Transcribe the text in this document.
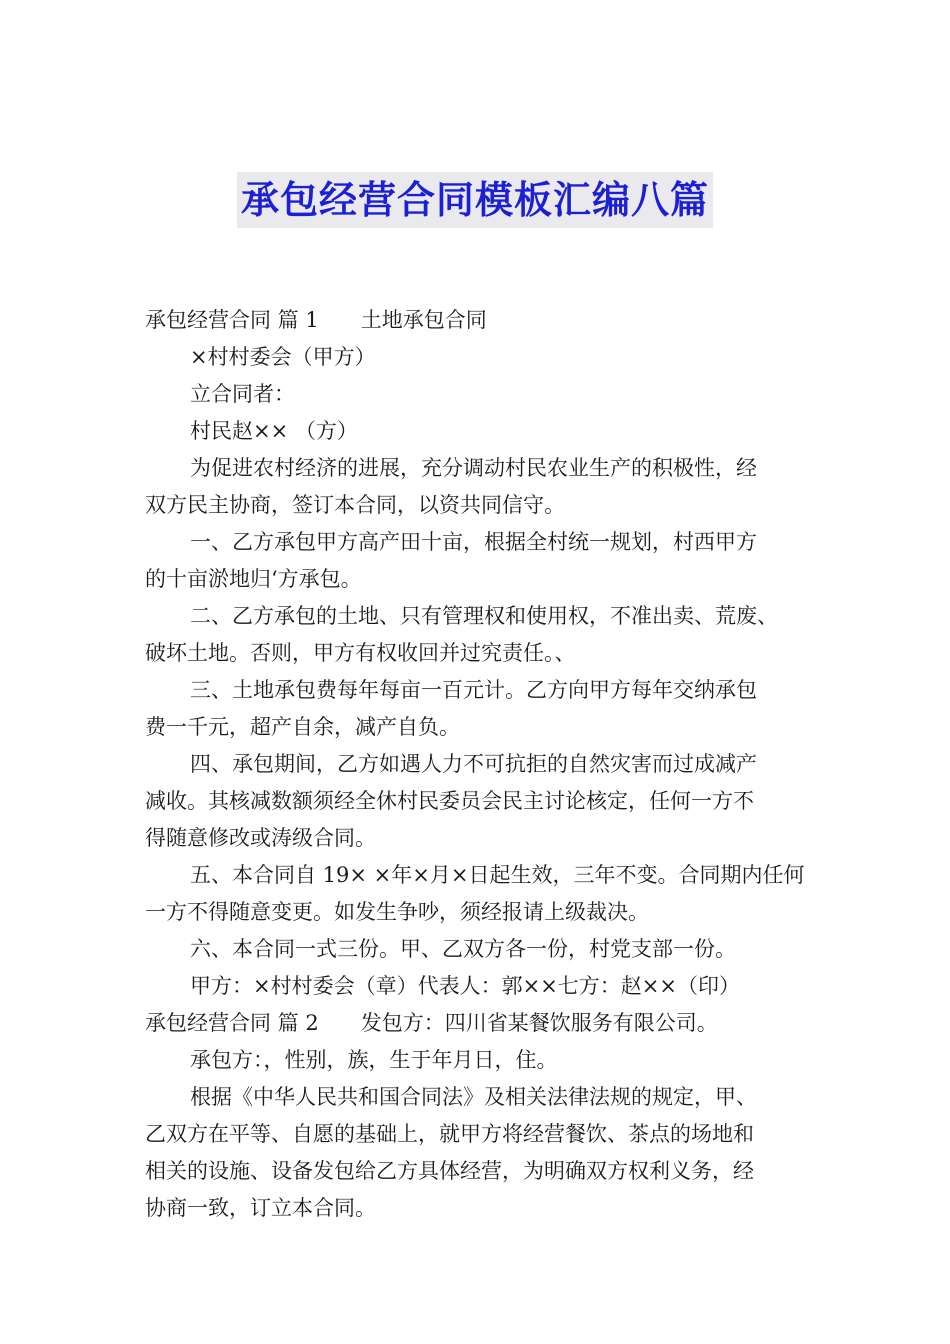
承包经营合同模板汇编八篇

承包经营合同 篇 1 土地承包合同

×村村委会（甲方）

立合同者：

村民赵×× （方）

为促进农村经济的进展，充分调动村民农业生产的积极性，经

双方民主协商，签订本合同，以资共同信守。

一、乙方承包甲方高产田十亩，根据全村统一规划，村西甲方

的十亩淤地归‘方承包。

二、乙方承包的土地、只有管理权和使用权，不准出卖、荒废、

破坏土地。否则，甲方有权收回并过究责任。、

三、土地承包费每年每亩一百元计。乙方向甲方每年交纳承包

费一千元，超产自余，减产自负。

四、承包期间，乙方如遇人力不可抗拒的自然灾害而过成减产

减收。其核减数额须经全休村民委员会民主讨论核定，任何一方不

得随意修改或涛级合同。

五、本合同自 19× ×年×月×日起生效，三年不变。合同期内任何

一方不得随意变更。如发生争吵，须经报请上级裁决。

六、本合同一式三份。甲、乙双方各一份，村党支部一份。

甲方：×村村委会（章）代表人：郭××七方：赵××（印）

承包经营合同 篇 2 发包方：四川省某餐饮服务有限公司。

承包方：，性别，族，生于年月日，住。

根据《中华人民共和国合同法》及相关法律法规的规定，甲、

乙双方在平等、自愿的基础上，就甲方将经营餐饮、茶点的场地和

相关的设施、设备发包给乙方具体经营，为明确双方权利义务，经

协商一致，订立本合同。
